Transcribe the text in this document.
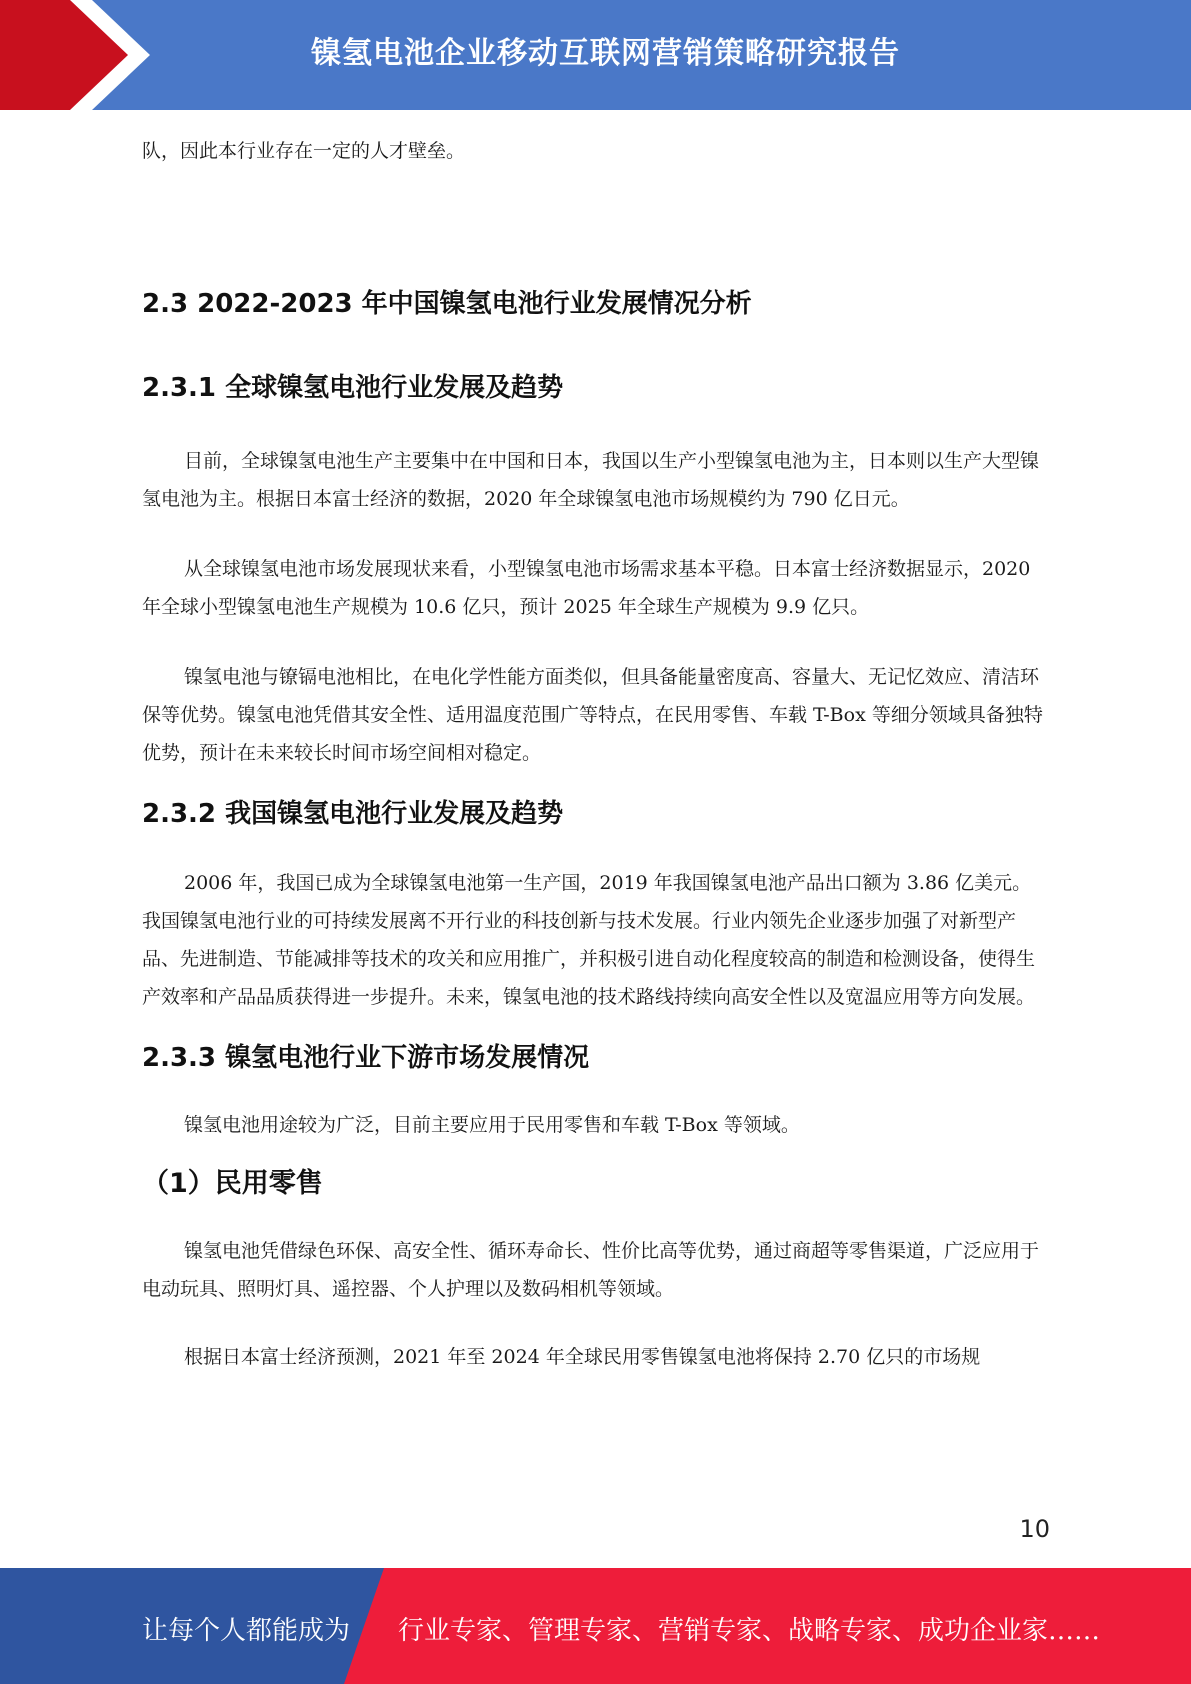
镍氢电池企业移动互联网营销策略研究报告

队，因此本行业存在一定的人才壁垒。

2.3 2022-2023 年中国镍氢电池行业发展情况分析
2.3.1 全球镍氢电池行业发展及趋势

目前，全球镍氢电池生产主要集中在中国和日本，我国以生产小型镍氢电池为主，日本则以生产大型镍氢电池为主。根据日本富士经济的数据，2020 年全球镍氢电池市场规模约为 790 亿日元。

从全球镍氢电池市场发展现状来看，小型镍氢电池市场需求基本平稳。日本富士经济数据显示，2020 年全球小型镍氢电池生产规模为 10.6 亿只，预计 2025 年全球生产规模为 9.9 亿只。

镍氢电池与镣镉电池相比，在电化学性能方面类似，但具备能量密度高、容量大、无记忆效应、清洁环保等优势。镍氢电池凭借其安全性、适用温度范围广等特点，在民用零售、车载 T-Box 等细分领域具备独特优势，预计在未来较长时间市场空间相对稳定。

2.3.2 我国镍氢电池行业发展及趋势

2006 年，我国已成为全球镍氢电池第一生产国，2019 年我国镍氢电池产品出口额为 3.86 亿美元。我国镍氢电池行业的可持续发展离不开行业的科技创新与技术发展。行业内领先企业逐步加强了对新型产品、先进制造、节能减排等技术的攻关和应用推广，并积极引进自动化程度较高的制造和检测设备，使得生产效率和产品品质获得进一步提升。未来，镍氢电池的技术路线持续向高安全性以及宽温应用等方向发展。

2.3.3 镍氢电池行业下游市场发展情况

镍氢电池用途较为广泛，目前主要应用于民用零售和车载 T-Box 等领域。

（1）民用零售

镍氢电池凭借绿色环保、高安全性、循环寿命长、性价比高等优势，通过商超等零售渠道，广泛应用于电动玩具、照明灯具、遥控器、个人护理以及数码相机等领域。

根据日本富士经济预测，2021 年至 2024 年全球民用零售镍氢电池将保持 2.70 亿只的市场规

10
让每个人都能成为 行业专家、管理专家、营销专家、战略专家、成功企业家……
